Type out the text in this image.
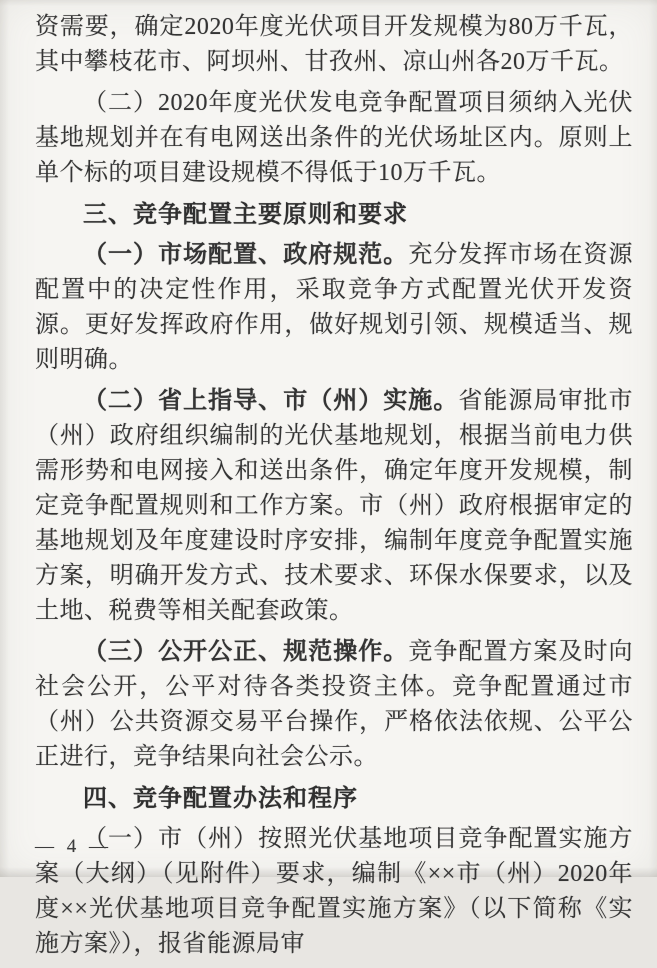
资需要，确定2020年度光伏项目开发规模为80万千瓦，其中攀枝花市、阿坝州、甘孜州、凉山州各20万千瓦。

（二）2020年度光伏发电竞争配置项目须纳入光伏基地规划并在有电网送出条件的光伏场址区内。原则上单个标的项目建设规模不得低于10万千瓦。

三、竞争配置主要原则和要求

（一）市场配置、政府规范。充分发挥市场在资源配置中的决定性作用，采取竞争方式配置光伏开发资源。更好发挥政府作用，做好规划引领、规模适当、规则明确。

（二）省上指导、市（州）实施。省能源局审批市（州）政府组织编制的光伏基地规划，根据当前电力供需形势和电网接入和送出条件，确定年度开发规模，制定竞争配置规则和工作方案。市（州）政府根据审定的基地规划及年度建设时序安排，编制年度竞争配置实施方案，明确开发方式、技术要求、环保水保要求，以及土地、税费等相关配套政策。

（三）公开公正、规范操作。竞争配置方案及时向社会公开，公平对待各类投资主体。竞争配置通过市（州）公共资源交易平台操作，严格依法依规、公平公正进行，竞争结果向社会公示。

四、竞争配置办法和程序

（一）市（州）按照光伏基地项目竞争配置实施方案（大纲）（见附件）要求，编制《××市（州）2020年度××光伏基地项目竞争配置实施方案》（以下简称《实施方案》），报省能源局审

— 4 —
